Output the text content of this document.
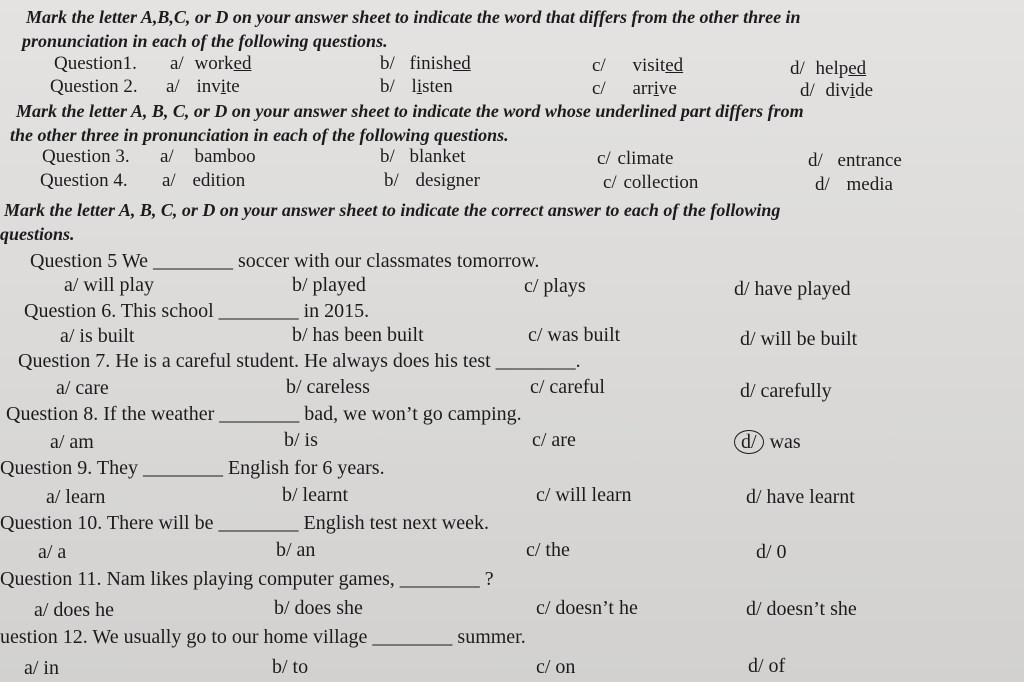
Mark the letter A,B,C, or D on your answer sheet to indicate the word that differs from the other three in

pronunciation in each of the following questions.

Question1. a/ worked	b/ finished	c/ visited	d/ helped
Question 2. a/ invite	b/ listen	c/ arrive	d/ divide

Mark the letter A, B, C, or D on your answer sheet to indicate the word whose underlined part differs from

the other three in pronunciation in each of the following questions.

Question 3. a/ bamboo	b/ blanket	c/ climate	d/ entrance
Question 4. a/ edition	b/ designer	c/ collection	d/ media

Mark the letter A, B, C, or D on your answer sheet to indicate the correct answer to each of the following

questions.

Question 5 We ________ soccer with our classmates tomorrow.

a/ will play	b/ played	c/ plays	d/ have played

Question 6. This school ________ in 2015.

a/ is built	b/ has been built	c/ was built	d/ will be built

Question 7. He is a careful student. He always does his test ________.

a/ care	b/ careless	c/ careful	d/ carefully

Question 8. If the weather ________ bad, we won’t go camping.

a/ am	b/ is	c/ are	d/ was

Question 9. They ________ English for 6 years.

a/ learn	b/ learnt	c/ will learn	d/ have learnt

Question 10. There will be ________ English test next week.

a/ a	b/ an	c/ the	d/ 0

Question 11. Nam likes playing computer games, ________ ?

a/ does he	b/ does she	c/ doesn’t he	d/ doesn’t she

uestion 12. We usually go to our home village ________ summer.

a/ in	b/ to	c/ on	d/ of
